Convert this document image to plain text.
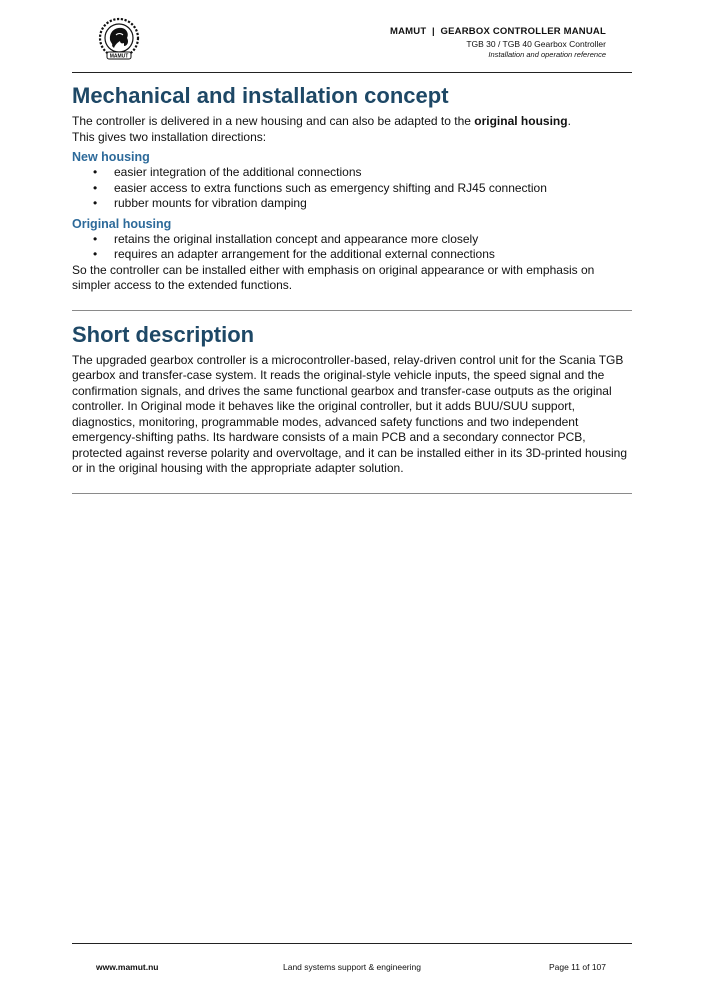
MAMUT
MAMUT  |  GEARBOX CONTROLLER MANUAL
TGB 30 / TGB 40 Gearbox Controller
Installation and operation reference
Mechanical and installation concept

The controller is delivered in a new housing and can also be adapted to the original housing.

This gives two installation directions:

New housing
• easier integration of the additional connections
• easier access to extra functions such as emergency shifting and RJ45 connection
• rubber mounts for vibration damping
Original housing
• retains the original installation concept and appearance more closely
• requires an adapter arrangement for the additional external connections

So the controller can be installed either with emphasis on original appearance or with emphasis on simpler access to the extended functions.

Short description

The upgraded gearbox controller is a microcontroller-based, relay-driven control unit for the Scania TGB gearbox and transfer-case system. It reads the original-style vehicle inputs, the speed signal and the confirmation signals, and drives the same functional gearbox and transfer-case outputs as the original controller. In Original mode it behaves like the original controller, but it adds BUU/SUU support, diagnostics, monitoring, programmable modes, advanced safety functions and two independent emergency-shifting paths. Its hardware consists of a main PCB and a secondary connector PCB, protected against reverse polarity and overvoltage, and it can be installed either in its 3D-printed housing or in the original housing with the appropriate adapter solution.

www.mamut.nu	Land systems support & engineering	Page 11 of 107
